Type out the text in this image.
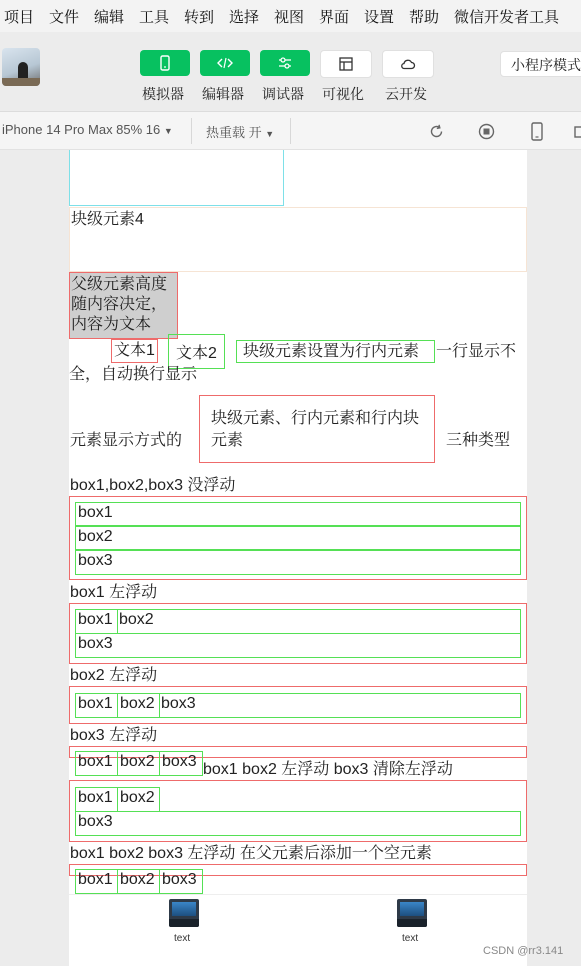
项目 文件 编辑 工具 转到 选择 视图 界面 设置 帮助 微信开发者工具
模拟器 编辑器 调试器 可视化 云开发
小程序模式
iPhone 14 Pro Max 85% 16 ▼	热重载 开 ▼
块级元素4
父级元素高度随内容决定，内容为文本
文本1	文本2	块级元素设置为行内元素	一行显示不
全，自动换行显示
元素显示方式的
块级元素、行内元素和行内块元素	三种类型
box1,box2,box3 没浮动
box1
box2
box3
box1 左浮动
box2
box1
box3
box2 左浮动
box3
box1 box2
box3 左浮动
box1 box2 box3 box1 box2 左浮动 box3 清除左浮动
box1 box2
box3
box1 box2 box3 左浮动 在父元素后添加一个空元素
box1 box2 box3
text	text
CSDN @rr3.141
